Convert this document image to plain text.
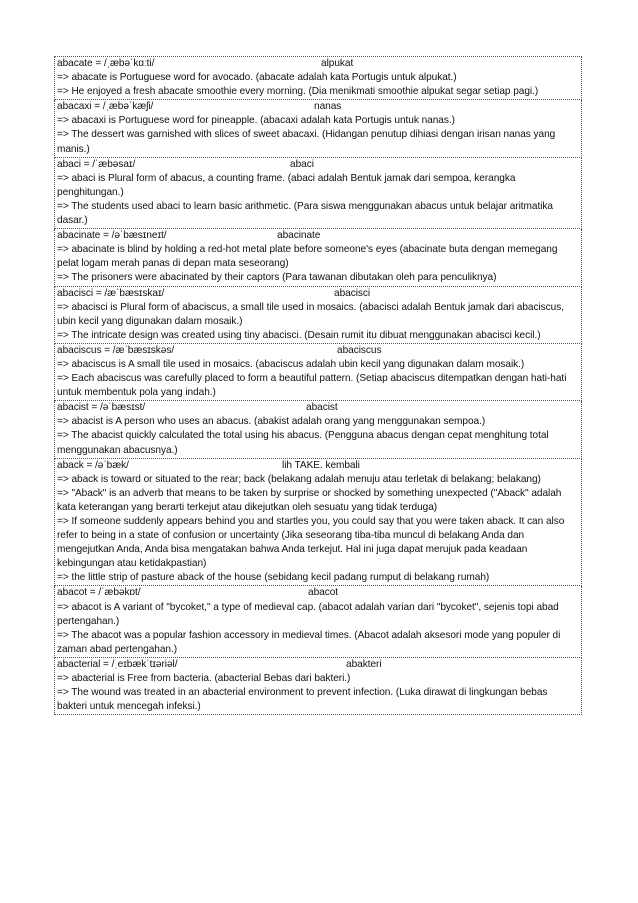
abacate = /ˌæbəˈkɑːti/	alpukat
=> abacate is Portuguese word for avocado. (abacate adalah kata Portugis untuk alpukat.)
=> He enjoyed a fresh abacate smoothie every morning. (Dia menikmati smoothie alpukat segar setiap pagi.)
abacaxi = /ˌæbəˈkæʃi/	nanas
=> abacaxi is Portuguese word for pineapple. (abacaxi adalah kata Portugis untuk nanas.)
=> The dessert was garnished with slices of sweet abacaxi. (Hidangan penutup dihiasi dengan irisan nanas yang manis.)
abaci = /ˈæbəsaɪ/	abaci
=> abaci is Plural form of abacus, a counting frame. (abaci adalah Bentuk jamak dari sempoa, kerangka penghitungan.)
=> The students used abaci to learn basic arithmetic. (Para siswa menggunakan abacus untuk belajar aritmatika dasar.)
abacinate = /əˈbæsɪneɪt/	abacinate
=> abacinate is blind by holding a red-hot metal plate before someone's eyes (abacinate buta dengan memegang pelat logam merah panas di depan mata seseorang)
=> The prisoners were abacinated by their captors (Para tawanan dibutakan oleh para penculiknya)
abacisci = /æˈbæsɪskaɪ/	abacisci
=> abacisci is Plural form of abaciscus, a small tile used in mosaics. (abacisci adalah Bentuk jamak dari abaciscus, ubin kecil yang digunakan dalam mosaik.)
=> The intricate design was created using tiny abacisci. (Desain rumit itu dibuat menggunakan abacisci kecil.)
abaciscus = /æˈbæsɪskəs/	abaciscus
=> abaciscus is A small tile used in mosaics. (abaciscus adalah ubin kecil yang digunakan dalam mosaik.)
=> Each abaciscus was carefully placed to form a beautiful pattern. (Setiap abaciscus ditempatkan dengan hati-hati untuk membentuk pola yang indah.)
abacist = /əˈbæsɪst/	abacist
=> abacist is A person who uses an abacus. (abakist adalah orang yang menggunakan sempoa.)
=> The abacist quickly calculated the total using his abacus. (Pengguna abacus dengan cepat menghitung total menggunakan abacusnya.)
aback = /əˈbæk/	lih TAKE. kembali
=> aback is toward or situated to the rear; back (belakang adalah menuju atau terletak di belakang; belakang)
=> "Aback" is an adverb that means to be taken by surprise or shocked by something unexpected ("Aback" adalah kata keterangan yang berarti terkejut atau dikejutkan oleh sesuatu yang tidak terduga)
=> If someone suddenly appears behind you and startles you, you could say that you were taken aback. It can also refer to being in a state of confusion or uncertainty (Jika seseorang tiba-tiba muncul di belakang Anda dan mengejutkan Anda, Anda bisa mengatakan bahwa Anda terkejut. Hal ini juga dapat merujuk pada keadaan kebingungan atau ketidakpastian)
=> the little strip of pasture aback of the house (sebidang kecil padang rumput di belakang rumah)
abacot = /ˈæbəkɒt/	abacot
=> abacot is A variant of "bycoket," a type of medieval cap. (abacot adalah varian dari "bycoket", sejenis topi abad pertengahan.)
=> The abacot was a popular fashion accessory in medieval times. (Abacot adalah aksesori mode yang populer di zaman abad pertengahan.)
abacterial = /ˌeɪbækˈtɪəriəl/	abakteri
=> abacterial is Free from bacteria. (abacterial Bebas dari bakteri.)
=> The wound was treated in an abacterial environment to prevent infection. (Luka dirawat di lingkungan bebas bakteri untuk mencegah infeksi.)
